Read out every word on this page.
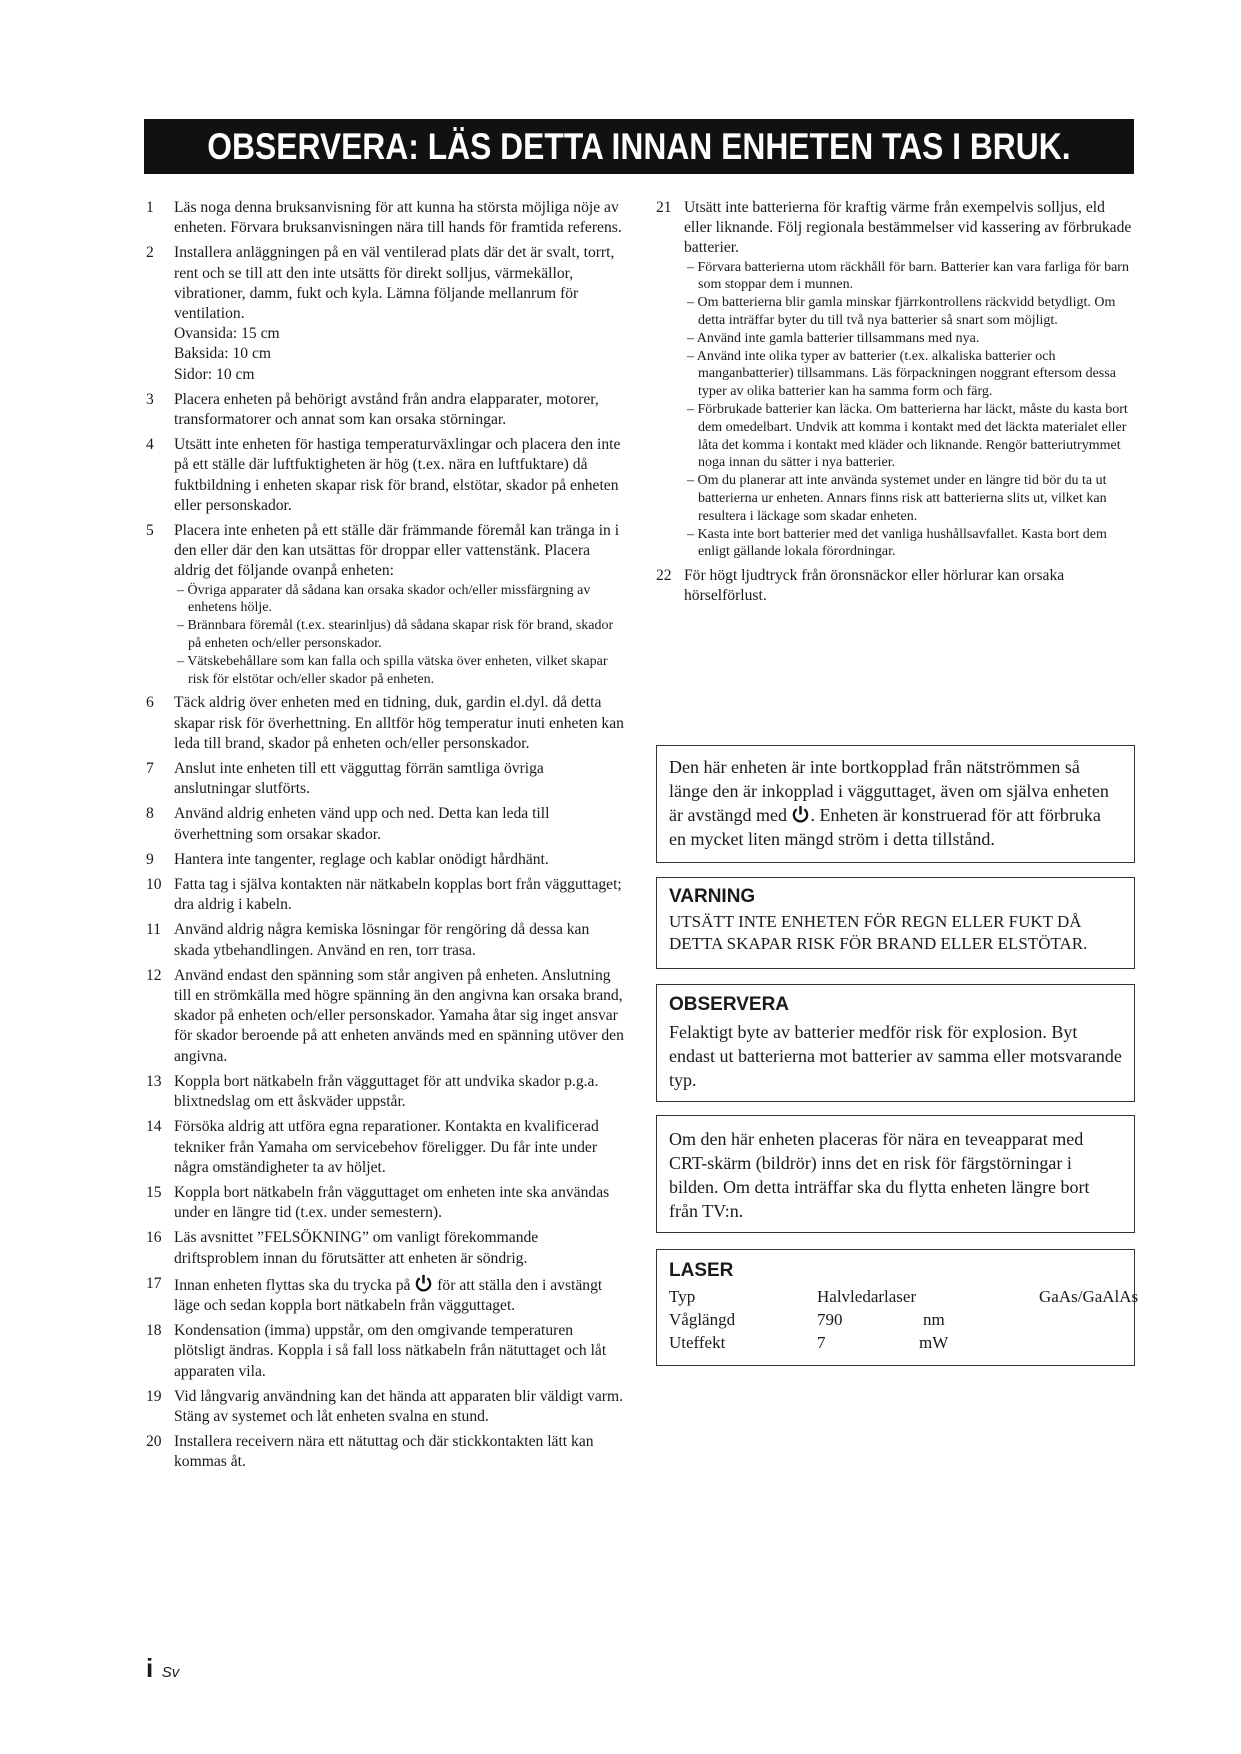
OBSERVERA: LÄS DETTA INNAN ENHETEN TAS I BRUK.
1 Läs noga denna bruksanvisning för att kunna ha största möjliga nöje av enheten. Förvara bruksanvisningen nära till hands för framtida referens.

2 Installera anläggningen på en väl ventilerad plats där det är svalt, torrt, rent och se till att den inte utsätts för direkt solljus, värmekällor, vibrationer, damm, fukt och kyla. Lämna följande mellanrum för ventilation.

Ovansida: 15 cm

Baksida: 10 cm

Sidor: 10 cm

3 Placera enheten på behörigt avstånd från andra elapparater, motorer, transformatorer och annat som kan orsaka störningar.

4 Utsätt inte enheten för hastiga temperaturväxlingar och placera den inte på ett ställe där luftfuktigheten är hög (t.ex. nära en luftfuktare) då fuktbildning i enheten skapar risk för brand, elstötar, skador på enheten eller personskador.

5 Placera inte enheten på ett ställe där främmande föremål kan tränga in i den eller där den kan utsättas för droppar eller vattenstänk. Placera aldrig det följande ovanpå enheten:

– Övriga apparater då sådana kan orsaka skador och/eller missfärgning av enhetens hölje.

– Brännbara föremål (t.ex. stearinljus) då sådana skapar risk för brand, skador på enheten och/eller personskador.

– Vätskebehållare som kan falla och spilla vätska över enheten, vilket skapar risk för elstötar och/eller skador på enheten.

6 Täck aldrig över enheten med en tidning, duk, gardin el.dyl. då detta skapar risk för överhettning. En alltför hög temperatur inuti enheten kan leda till brand, skador på enheten och/eller personskador.

7 Anslut inte enheten till ett vägguttag förrän samtliga övriga anslutningar slutförts.

8 Använd aldrig enheten vänd upp och ned. Detta kan leda till överhettning som orsakar skador.

9 Hantera inte tangenter, reglage och kablar onödigt hårdhänt.

10 Fatta tag i själva kontakten när nätkabeln kopplas bort från vägguttaget; dra aldrig i kabeln.

11 Använd aldrig några kemiska lösningar för rengöring då dessa kan skada ytbehandlingen. Använd en ren, torr trasa.

12 Använd endast den spänning som står angiven på enheten. Anslutning till en strömkälla med högre spänning än den angivna kan orsaka brand, skador på enheten och/eller personskador. Yamaha åtar sig inget ansvar för skador beroende på att enheten används med en spänning utöver den angivna.

13 Koppla bort nätkabeln från vägguttaget för att undvika skador p.g.a. blixtnedslag om ett åskväder uppstår.

14 Försöka aldrig att utföra egna reparationer. Kontakta en kvalificerad tekniker från Yamaha om servicebehov föreligger. Du får inte under några omständigheter ta av höljet.

15 Koppla bort nätkabeln från vägguttaget om enheten inte ska användas under en längre tid (t.ex. under semestern).

16 Läs avsnittet ”FELSÖKNING” om vanligt förekommande driftsproblem innan du förutsätter att enheten är söndrig.

17 Innan enheten flyttas ska du trycka på för att ställa den i avstängt läge och sedan koppla bort nätkabeln från vägguttaget.

18 Kondensation (imma) uppstår, om den omgivande temperaturen plötsligt ändras. Koppla i så fall loss nätkabeln från nätuttaget och låt apparaten vila.

19 Vid långvarig användning kan det hända att apparaten blir väldigt varm. Stäng av systemet och låt enheten svalna en stund.

20 Installera receivern nära ett nätuttag och där stickkontakten lätt kan kommas åt.

21 Utsätt inte batterierna för kraftig värme från exempelvis solljus, eld eller liknande. Följ regionala bestämmelser vid kassering av förbrukade batterier.

– Förvara batterierna utom räckhåll för barn. Batterier kan vara farliga för barn som stoppar dem i munnen.

– Om batterierna blir gamla minskar fjärrkontrollens räckvidd betydligt. Om detta inträffar byter du till två nya batterier så snart som möjligt.

– Använd inte gamla batterier tillsammans med nya.

– Använd inte olika typer av batterier (t.ex. alkaliska batterier och manganbatterier) tillsammans. Läs förpackningen noggrant eftersom dessa typer av olika batterier kan ha samma form och färg.

– Förbrukade batterier kan läcka. Om batterierna har läckt, måste du kasta bort dem omedelbart. Undvik att komma i kontakt med det läckta materialet eller låta det komma i kontakt med kläder och liknande. Rengör batteriutrymmet noga innan du sätter i nya batterier.

– Om du planerar att inte använda systemet under en längre tid bör du ta ut batterierna ur enheten. Annars finns risk att batterierna slits ut, vilket kan resultera i läckage som skadar enheten.

– Kasta inte bort batterier med det vanliga hushållsavfallet. Kasta bort dem enligt gällande lokala förordningar.

22 För högt ljudtryck från öronsnäckor eller hörlurar kan orsaka hörselförlust.

Den här enheten är inte bortkopplad från nätströmmen så länge den är inkopplad i vägguttaget, även om själva enheten är avstängd med . Enheten är konstruerad för att förbruka en mycket liten mängd ström i detta tillstånd.

VARNING

UTSÄTT INTE ENHETEN FÖR REGN ELLER FUKT DÅ DETTA SKAPAR RISK FÖR BRAND ELLER ELSTÖTAR.

OBSERVERA

Felaktigt byte av batterier medför risk för explosion. Byt endast ut batterierna mot batterier av samma eller motsvarande typ.
Om den här enheten placeras för nära en teveapparat med CRT-skärm (bildrör) inns det en risk för färgstörningar i bilden. Om detta inträffar ska du flytta enheten längre bort från TV:n.

LASER

Typ	Halvledarlaser	GaAs/GaAlAs
Våglängd	790	nm
Uteffekt	7	mW
i Sv
